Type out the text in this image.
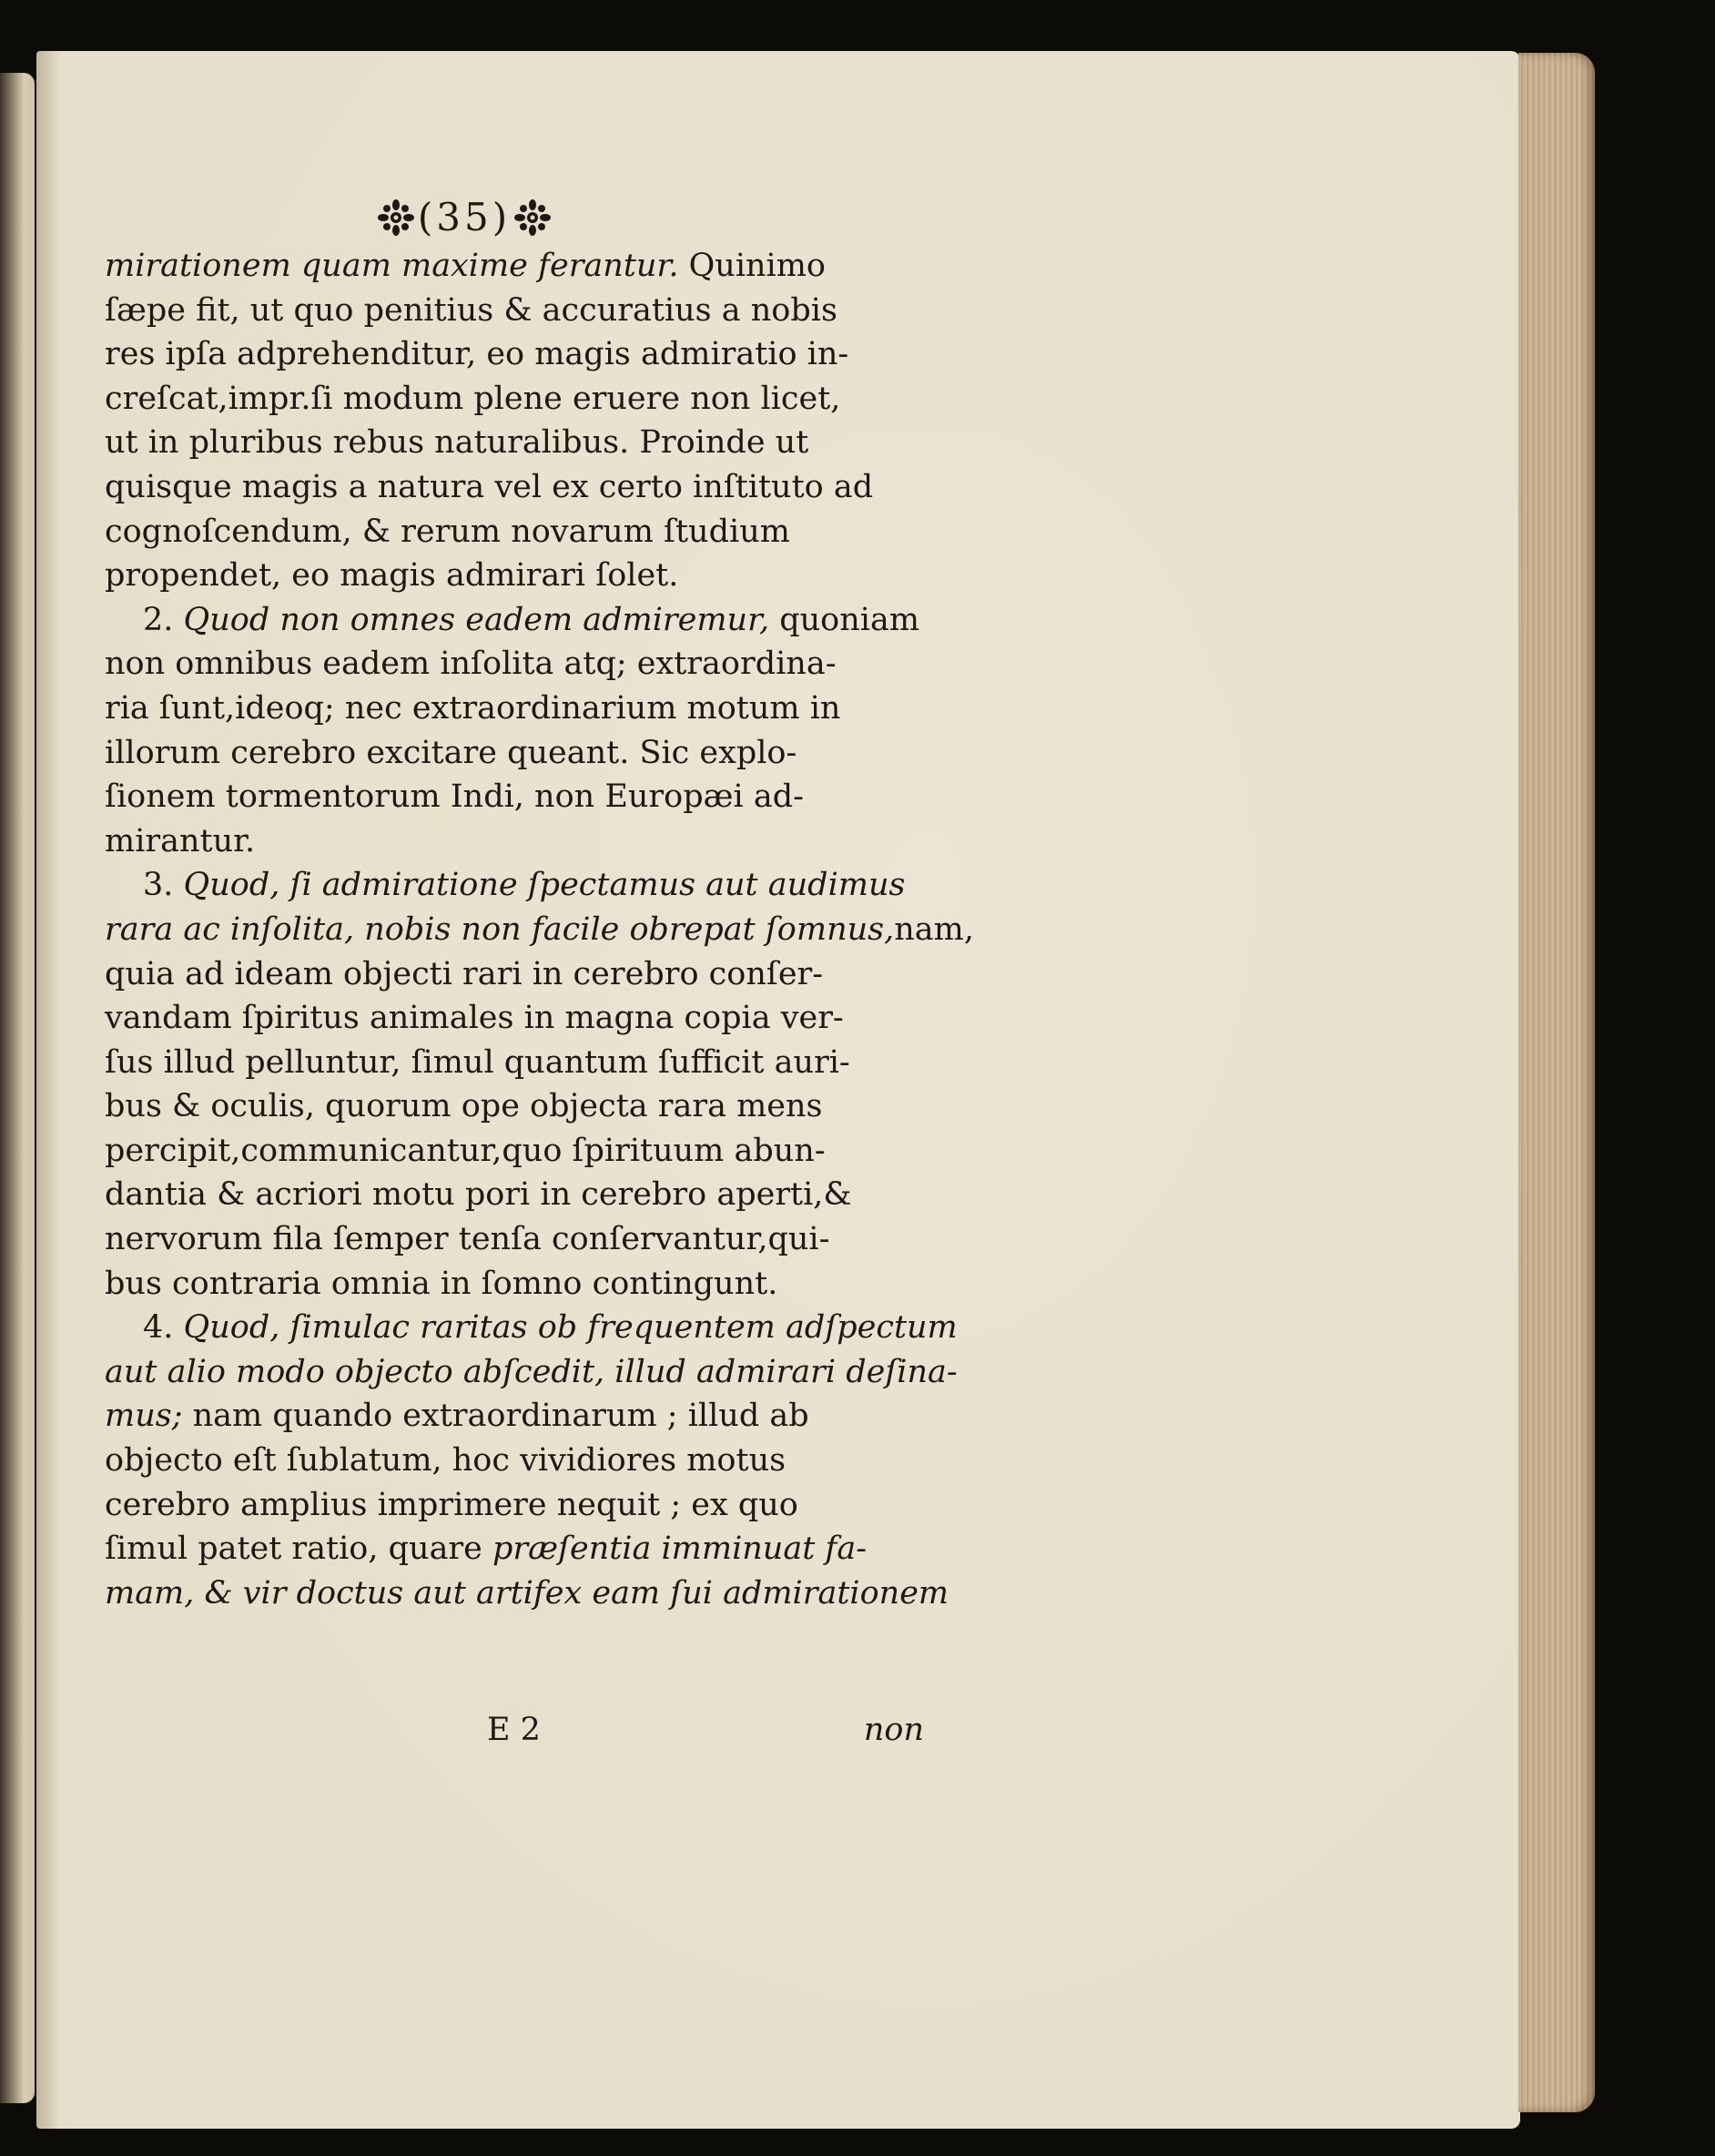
(35)
mirationem quam maxime ferantur. Quinimo
ſæpe fit, ut quo penitius & accuratius a nobis
res ipſa adprehenditur, eo magis admiratio in-
creſcat,impr.ſi modum plene eruere non licet,
ut in pluribus rebus naturalibus. Proinde ut
quisque magis a natura vel ex certo inſtituto ad
cognoſcendum, & rerum novarum ſtudium
propendet, eo magis admirari ſolet.
2. Quod non omnes eadem admiremur, quoniam
non omnibus eadem inſolita atq; extraordina-
ria ſunt,ideoq; nec extraordinarium motum in
illorum cerebro excitare queant. Sic explo-
ſionem tormentorum Indi, non Europæi ad-
mirantur.
3. Quod, ſi admiratione ſpectamus aut audimus
rara ac inſolita, nobis non facile obrepat ſomnus,nam,
quia ad ideam objecti rari in cerebro conſer-
vandam ſpiritus animales in magna copia ver-
ſus illud pelluntur, ſimul quantum ſufficit auri-
bus & oculis, quorum ope objecta rara mens
percipit,communicantur,quo ſpirituum abun-
dantia & acriori motu pori in cerebro aperti,&
nervorum fila ſemper tenſa conſervantur,qui-
bus contraria omnia in ſomno contingunt.
4. Quod, ſimulac raritas ob frequentem adſpectum
aut alio modo objecto abſcedit, illud admirari deſina-
mus; nam quando extraordinarum ; illud ab
objecto eſt ſublatum, hoc vividiores motus
cerebro amplius imprimere nequit ; ex quo
ſimul patet ratio, quare præſentia imminuat fa-
mam, & vir doctus aut artifex eam ſui admirationem
E 2	non
